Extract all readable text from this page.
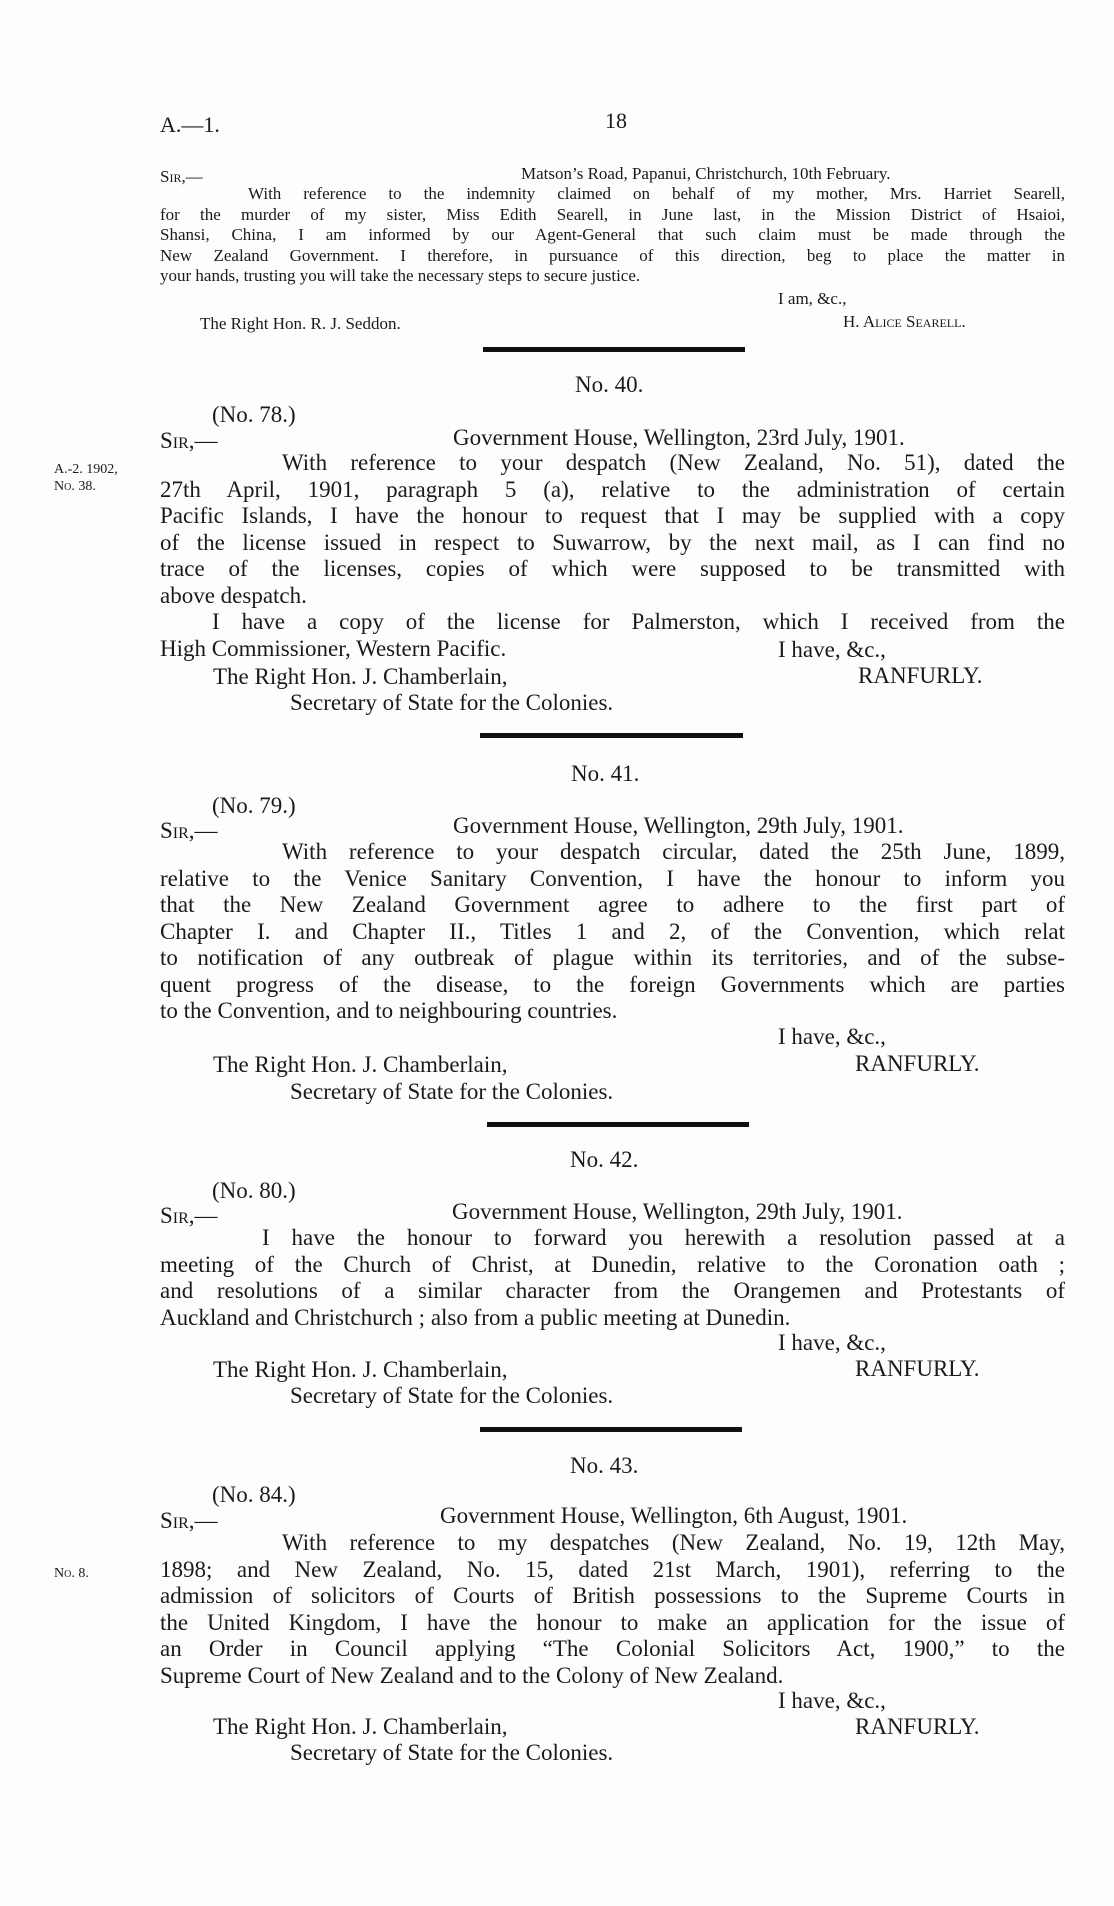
A.—1.	18
Sir,—	Matson’s Road, Papanui, Christchurch, 10th February.
With reference to the indemnity claimed on behalf of my mother, Mrs. Harriet Searell,
for the murder of my sister, Miss Edith Searell, in June last, in the Mission District of Hsaioi,
Shansi, China, I am informed by our Agent-General that such claim must be made through the
New Zealand Government. I therefore, in pursuance of this direction, beg to place the matter in
your hands, trusting you will take the necessary steps to secure justice.
I am, &c.,
The Right Hon. R. J. Seddon.	H. Alice Searell.
No. 40.
(No. 78.)
Sir,—	Government House, Wellington, 23rd July, 1901.
A.-2. 1902,
No. 38.
With reference to your despatch (New Zealand, No. 51), dated the
27th April, 1901, paragraph 5 (a), relative to the administration of certain
Pacific Islands, I have the honour to request that I may be supplied with a copy
of the license issued in respect to Suwarrow, by the next mail, as I can find no
trace of the licenses, copies of which were supposed to be transmitted with
above despatch.
I have a copy of the license for Palmerston, which I received from the
High Commissioner, Western Pacific.	I have, &c.,
The Right Hon. J. Chamberlain,	RANFURLY.
Secretary of State for the Colonies.
No. 41.
(No. 79.)
Sir,—	Government House, Wellington, 29th July, 1901.
With reference to your despatch circular, dated the 25th June, 1899,
relative to the Venice Sanitary Convention, I have the honour to inform you
that the New Zealand Government agree to adhere to the first part of
Chapter I. and Chapter II., Titles 1 and 2, of the Convention, which relat
to notification of any outbreak of plague within its territories, and of the subse-
quent progress of the disease, to the foreign Governments which are parties
to the Convention, and to neighbouring countries.
I have, &c.,
The Right Hon. J. Chamberlain,	RANFURLY.
Secretary of State for the Colonies.
No. 42.
(No. 80.)
Sir,—	Government House, Wellington, 29th July, 1901.
I have the honour to forward you herewith a resolution passed at a
meeting of the Church of Christ, at Dunedin, relative to the Coronation oath ;
and resolutions of a similar character from the Orangemen and Protestants of
Auckland and Christchurch ; also from a public meeting at Dunedin.
I have, &c.,
The Right Hon. J. Chamberlain,	RANFURLY.
Secretary of State for the Colonies.
No. 43.
(No. 84.)
Sir,—	Government House, Wellington, 6th August, 1901.
No. 8.
With reference to my despatches (New Zealand, No. 19, 12th May,
1898; and New Zealand, No. 15, dated 21st March, 1901), referring to the
admission of solicitors of Courts of British possessions to the Supreme Courts in
the United Kingdom, I have the honour to make an application for the issue of
an Order in Council applying “The Colonial Solicitors Act, 1900,” to the
Supreme Court of New Zealand and to the Colony of New Zealand.
I have, &c.,
The Right Hon. J. Chamberlain,	RANFURLY.
Secretary of State for the Colonies.
